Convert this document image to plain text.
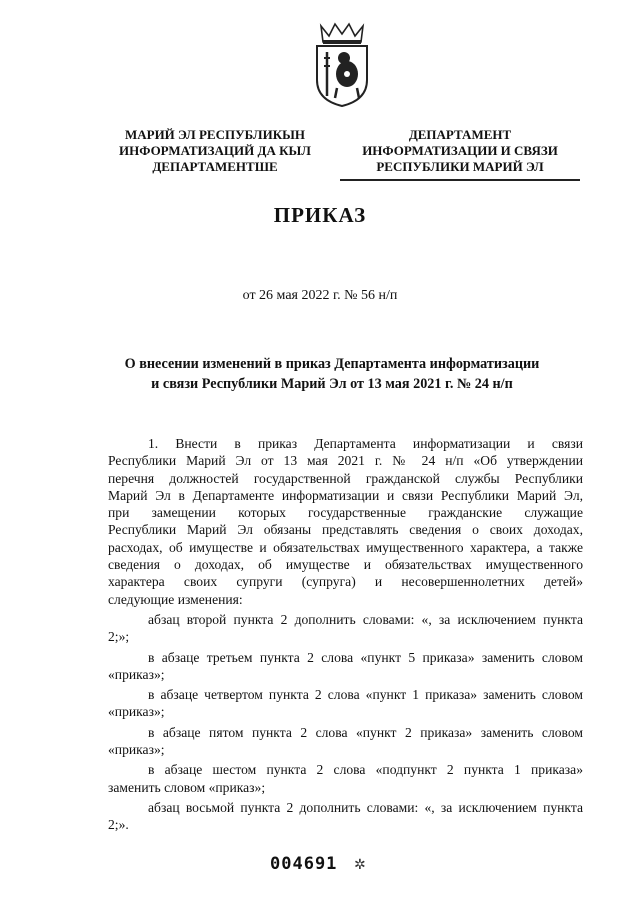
МАРИЙ ЭЛ РЕСПУБЛИКЫН
ИНФОРМАТИЗАЦИЙ ДА КЫЛ
ДЕПАРТАМЕНТШЕ
ДЕПАРТАМЕНТ
ИНФОРМАТИЗАЦИИ И СВЯЗИ
РЕСПУБЛИКИ МАРИЙ ЭЛ
ПРИКАЗ
от 26 мая 2022 г. № 56 н/п
О внесении изменений в приказ Департамента информатизации
и связи Республики Марий Эл от 13 мая 2021 г. № 24 н/п
1. Внести в приказ Департамента информатизации и связи
Республики Марий Эл от 13 мая 2021 г. № 24 н/п «Об утверждении
перечня должностей государственной гражданской службы Республики
Марий Эл в Департаменте информатизации и связи Республики Марий Эл,
при замещении которых государственные гражданские служащие
Республики Марий Эл обязаны представлять сведения о своих доходах,
расходах, об имуществе и обязательствах имущественного характера, а также
сведения о доходах, об имуществе и обязательствах имущественного
характера своих супруги (супруга) и несовершеннолетних детей»
следующие изменения:
абзац второй пункта 2 дополнить словами: «, за исключением пункта
2;»;
в абзаце третьем пункта 2 слова «пункт 5 приказа» заменить словом
«приказ»;
в абзаце четвертом пункта 2 слова «пункт 1 приказа» заменить словом
«приказ»;
в абзаце пятом пункта 2 слова «пункт 2 приказа» заменить словом
«приказ»;
в абзаце шестом пункта 2 слова «подпункт 2 пункта 1 приказа»
заменить словом «приказ»;
абзац восьмой пункта 2 дополнить словами: «, за исключением пункта
2;».
004691 ✲
